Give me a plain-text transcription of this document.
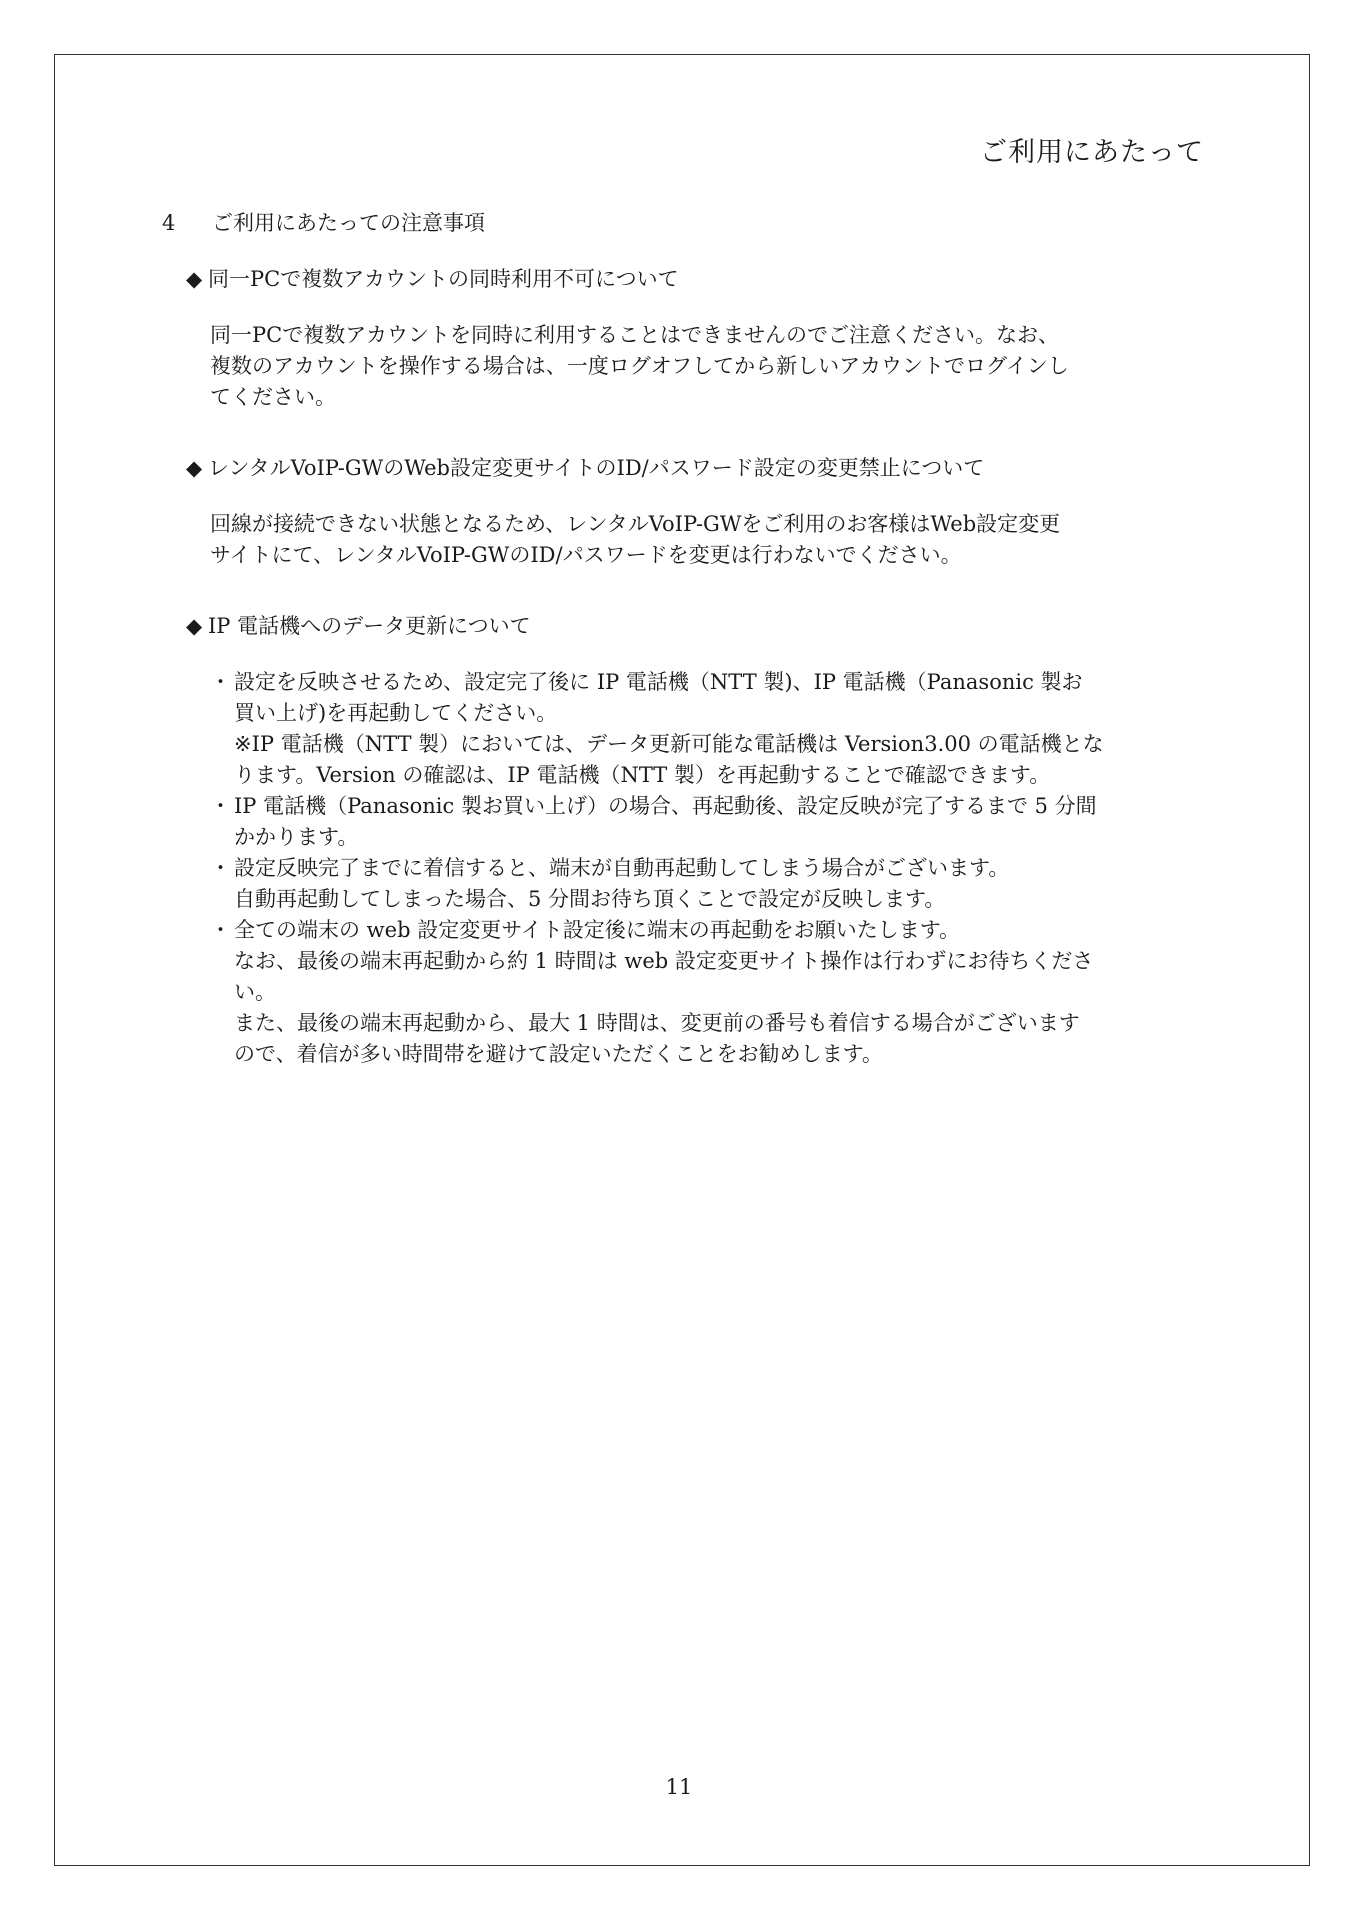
ご利用にあたって
4	ご利用にあたっての注意事項
◆ 同一PCで複数アカウントの同時利用不可について
同一PCで複数アカウントを同時に利用することはできませんのでご注意ください。なお、
複数のアカウントを操作する場合は、一度ログオフしてから新しいアカウントでログインし
てください。
◆ レンタルVoIP-GWのWeb設定変更サイトのID/パスワード設定の変更禁止について
回線が接続できない状態となるため、レンタルVoIP-GWをご利用のお客様はWeb設定変更
サイトにて、レンタルVoIP-GWのID/パスワードを変更は行わないでください。
◆ IP 電話機へのデータ更新について
・ 設定を反映させるため、設定完了後に IP 電話機（NTT 製)、IP 電話機（Panasonic 製お
買い上げ)を再起動してください。
※IP 電話機（NTT 製）においては、データ更新可能な電話機は Version3.00 の電話機とな
ります。Version の確認は、IP 電話機（NTT 製）を再起動することで確認できます。
・ IP 電話機（Panasonic 製お買い上げ）の場合、再起動後、設定反映が完了するまで 5 分間
かかります。
・ 設定反映完了までに着信すると、端末が自動再起動してしまう場合がございます。
自動再起動してしまった場合、5 分間お待ち頂くことで設定が反映します。
・ 全ての端末の web 設定変更サイト設定後に端末の再起動をお願いたします。
なお、最後の端末再起動から約 1 時間は web 設定変更サイト操作は行わずにお待ちくださ
い。
また、最後の端末再起動から、最大 1 時間は、変更前の番号も着信する場合がございます
ので、着信が多い時間帯を避けて設定いただくことをお勧めします。
11
